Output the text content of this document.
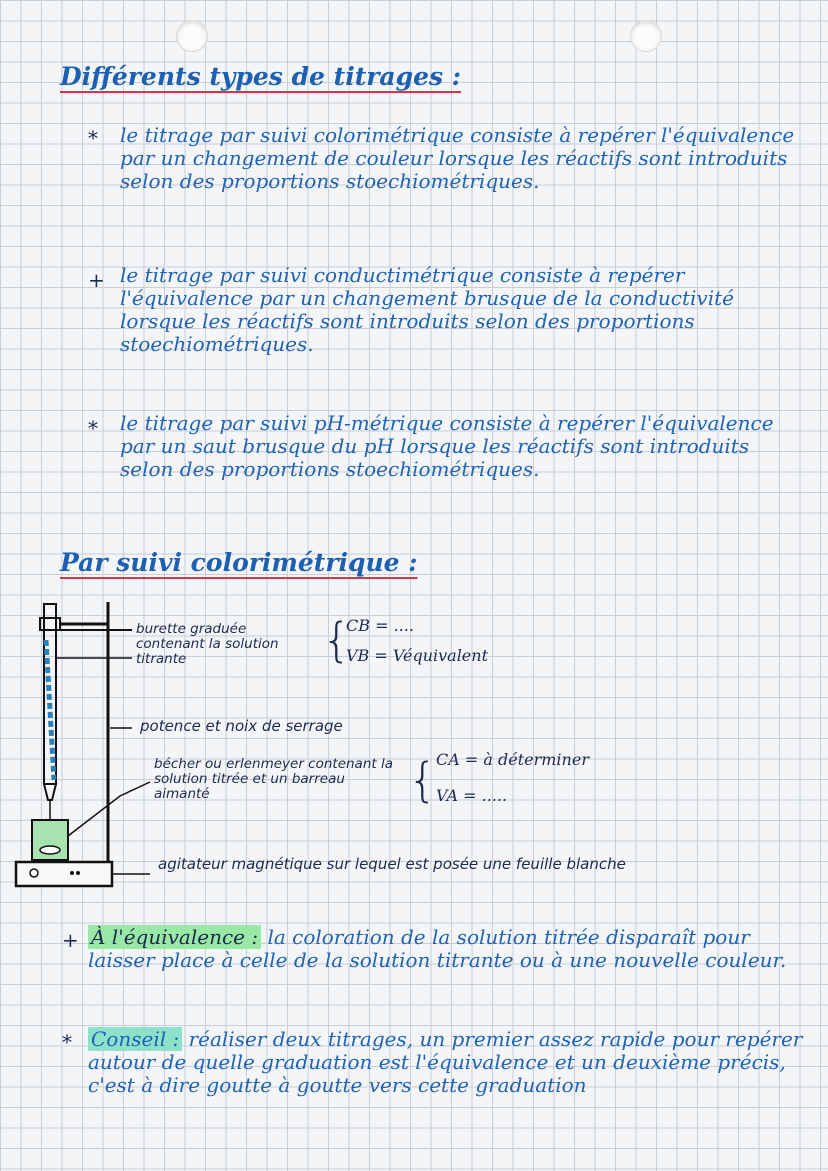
Différents types de titrages :
* le titrage par suivi colorimétrique consiste à repérer l'équivalence par un changement de couleur lorsque les réactifs sont introduits selon des proportions stoechiométriques.
+ le titrage par suivi conductimétrique consiste à repérer l'équivalence par un changement brusque de la conductivité lorsque les réactifs sont introduits selon des proportions stoechiométriques.
* le titrage par suivi pH-métrique consiste à repérer l'équivalence par un saut brusque du pH lorsque les réactifs sont introduits selon des proportions stoechiométriques.
Par suivi colorimétrique :
burette graduée contenant la solution titrante
potence et noix de serrage
bécher ou erlenmeyer contenant la solution titrée et un barreau aimanté
agitateur magnétique sur lequel est posée une feuille blanche
{
CB = ....
VB = Véquivalent
{
CA = à déterminer
VA = .....
+ À l'équivalence : la coloration de la solution titrée disparaît pour laisser place à celle de la solution titrante ou à une nouvelle couleur.
* Conseil : réaliser deux titrages, un premier assez rapide pour repérer autour de quelle graduation est l'équivalence et un deuxième précis, c'est à dire goutte à goutte vers cette graduation
